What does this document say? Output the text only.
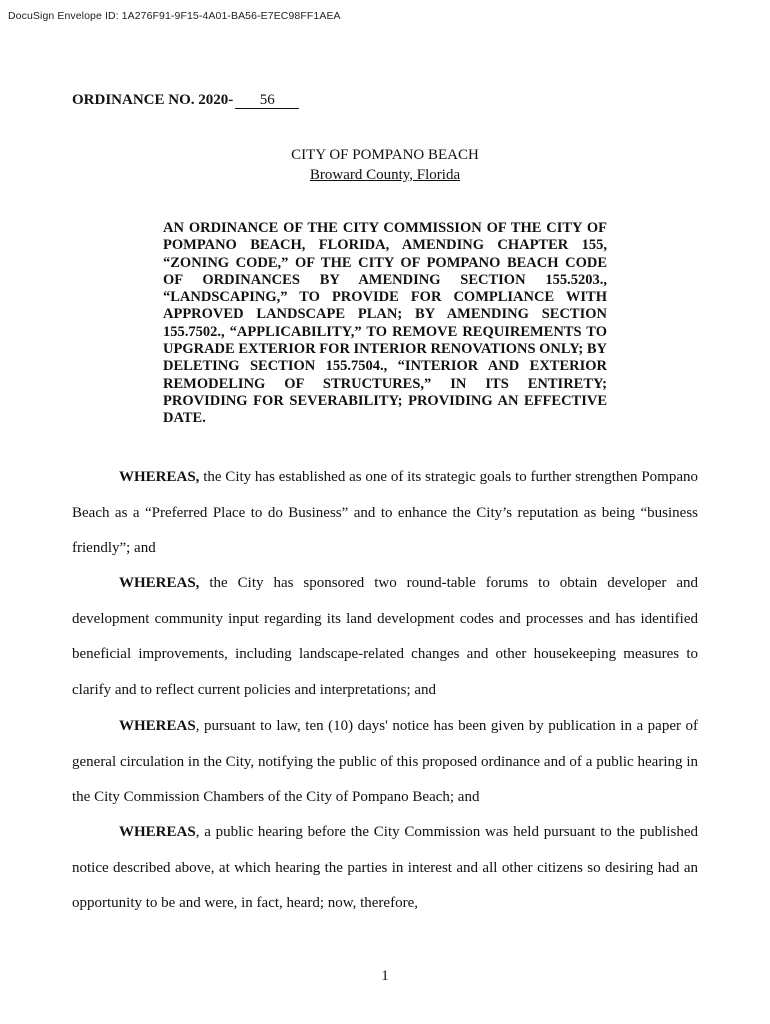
DocuSign Envelope ID: 1A276F91-9F15-4A01-BA56-E7EC98FF1AEA
ORDINANCE NO. 2020- 56
CITY OF POMPANO BEACH
Broward County, Florida
AN ORDINANCE OF THE CITY COMMISSION OF THE CITY OF POMPANO BEACH, FLORIDA, AMENDING CHAPTER 155, “ZONING CODE,” OF THE CITY OF POMPANO BEACH CODE OF ORDINANCES BY AMENDING SECTION 155.5203., “LANDSCAPING,” TO PROVIDE FOR COMPLIANCE WITH APPROVED LANDSCAPE PLAN; BY AMENDING SECTION 155.7502., “APPLICABILITY,” TO REMOVE REQUIREMENTS TO UPGRADE EXTERIOR FOR INTERIOR RENOVATIONS ONLY; BY DELETING SECTION 155.7504., “INTERIOR AND EXTERIOR REMODELING OF STRUCTURES,” IN ITS ENTIRETY; PROVIDING FOR SEVERABILITY; PROVIDING AN EFFECTIVE DATE.
WHEREAS, the City has established as one of its strategic goals to further strengthen Pompano Beach as a “Preferred Place to do Business” and to enhance the City’s reputation as being “business friendly”; and
WHEREAS, the City has sponsored two round-table forums to obtain developer and development community input regarding its land development codes and processes and has identified beneficial improvements, including landscape-related changes and other housekeeping measures to clarify and to reflect current policies and interpretations; and
WHEREAS, pursuant to law, ten (10) days' notice has been given by publication in a paper of general circulation in the City, notifying the public of this proposed ordinance and of a public hearing in the City Commission Chambers of the City of Pompano Beach; and
WHEREAS, a public hearing before the City Commission was held pursuant to the published notice described above, at which hearing the parties in interest and all other citizens so desiring had an opportunity to be and were, in fact, heard; now, therefore,
1
